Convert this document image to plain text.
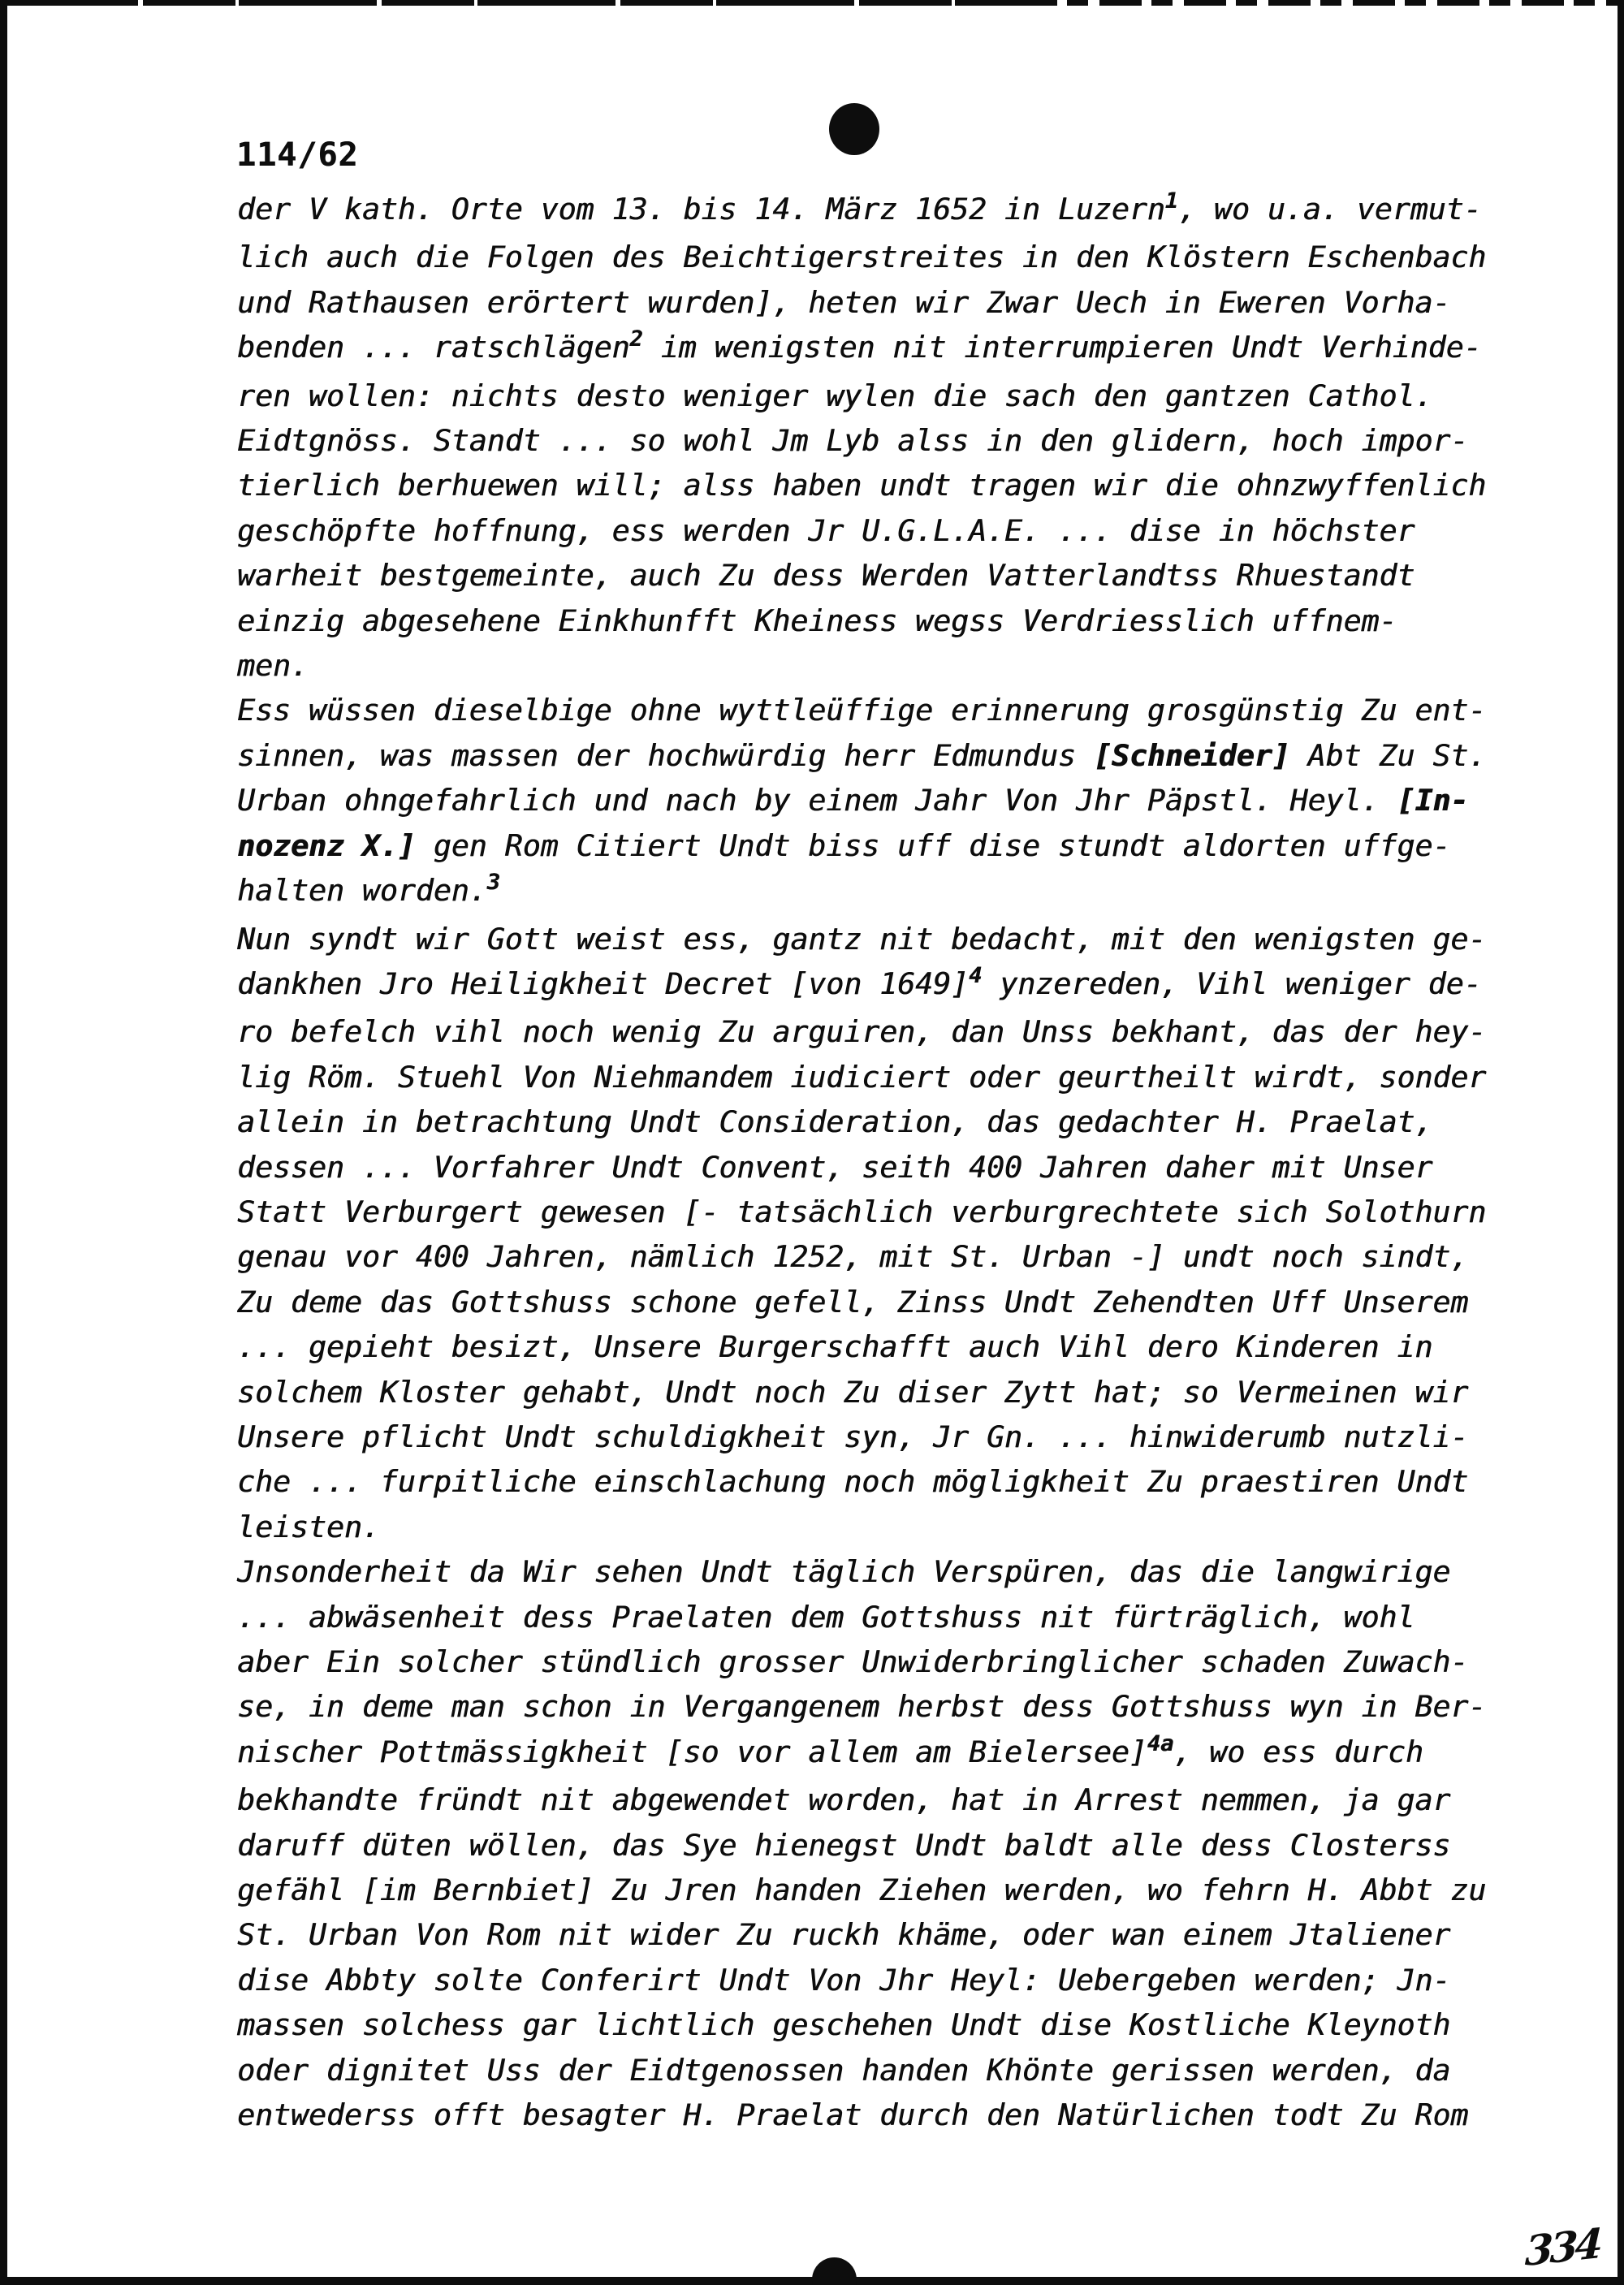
114/62
der V kath. Orte vom 13. bis 14. März 1652 in Luzern$^1$, wo u.a. vermut-
lich auch die Folgen des Beichtigerstreites in den Klöstern Eschenbach
und Rathausen erörtert wurden], heten wir Zwar Uech in Eweren Vorha-
benden ... ratschlägen$^2$ im wenigsten nit interrumpieren Undt Verhinde-
ren wollen: nichts desto weniger wylen die sach den gantzen Cathol.
Eidtgnöss. Standt ... so wohl Jm Lyb alss in den glidern, hoch impor-
tierlich berhuewen will; alss haben undt tragen wir die ohnzwyffenlich
geschöpfte hoffnung, ess werden Jr U.G.L.A.E. ... dise in höchster
warheit bestgemeinte, auch Zu dess Werden Vatterlandtss Rhuestandt
einzig abgesehene Einkhunfft Kheiness wegss Verdriesslich uffnem-
men.
Ess wüssen dieselbige ohne wyttleüffige erinnerung grosgünstig Zu ent-
sinnen, was massen der hochwürdig herr Edmundus [Schneider] Abt Zu St.
Urban ohngefahrlich und nach by einem Jahr Von Jhr Päpstl. Heyl. [In-
nozenz X.] gen Rom Citiert Undt biss uff dise stundt aldorten uffge-
halten worden.$^3$
Nun syndt wir Gott weist ess, gantz nit bedacht, mit den wenigsten ge-
dankhen Jro Heiligkheit Decret [von 1649]$^4$ ynzereden, Vihl weniger de-
ro befelch vihl noch wenig Zu arguiren, dan Unss bekhant, das der hey-
lig Röm. Stuehl Von Niehmandem iudiciert oder geurtheilt wirdt, sonder
allein in betrachtung Undt Consideration, das gedachter H. Praelat,
dessen ... Vorfahrer Undt Convent, seith 400 Jahren daher mit Unser
Statt Verburgert gewesen [- tatsächlich verburgrechtete sich Solothurn
genau vor 400 Jahren, nämlich 1252, mit St. Urban -] undt noch sindt,
Zu deme das Gottshuss schone gefell, Zinss Undt Zehendten Uff Unserem
... gepieht besizt, Unsere Burgerschafft auch Vihl dero Kinderen in
solchem Kloster gehabt, Undt noch Zu diser Zytt hat; so Vermeinen wir
Unsere pflicht Undt schuldigkheit syn, Jr Gn. ... hinwiderumb nutzli-
che ... furpitliche einschlachung noch mögligkheit Zu praestiren Undt
leisten.
Jnsonderheit da Wir sehen Undt täglich Verspüren, das die langwirige
... abwäsenheit dess Praelaten dem Gottshuss nit fürträglich, wohl
aber Ein solcher stündlich grosser Unwiderbringlicher schaden Zuwach-
se, in deme man schon in Vergangenem herbst dess Gottshuss wyn in Ber-
nischer Pottmässigkheit [so vor allem am Bielersee]$^{4a}$, wo ess durch
bekhandte fründt nit abgewendet worden, hat in Arrest nemmen, ja gar
daruff düten wöllen, das Sye hienegst Undt baldt alle dess Closterss
gefähl [im Bernbiet] Zu Jren handen Ziehen werden, wo fehrn H. Abbt zu
St. Urban Von Rom nit wider Zu ruckh khäme, oder wan einem Jtaliener
dise Abbty solte Conferirt Undt Von Jhr Heyl: Uebergeben werden; Jn-
massen solchess gar lichtlich geschehen Undt dise Kostliche Kleynoth
oder dignitet Uss der Eidtgenossen handen Khönte gerissen werden, da
entwederss offt besagter H. Praelat durch den Natürlichen todt Zu Rom
334
